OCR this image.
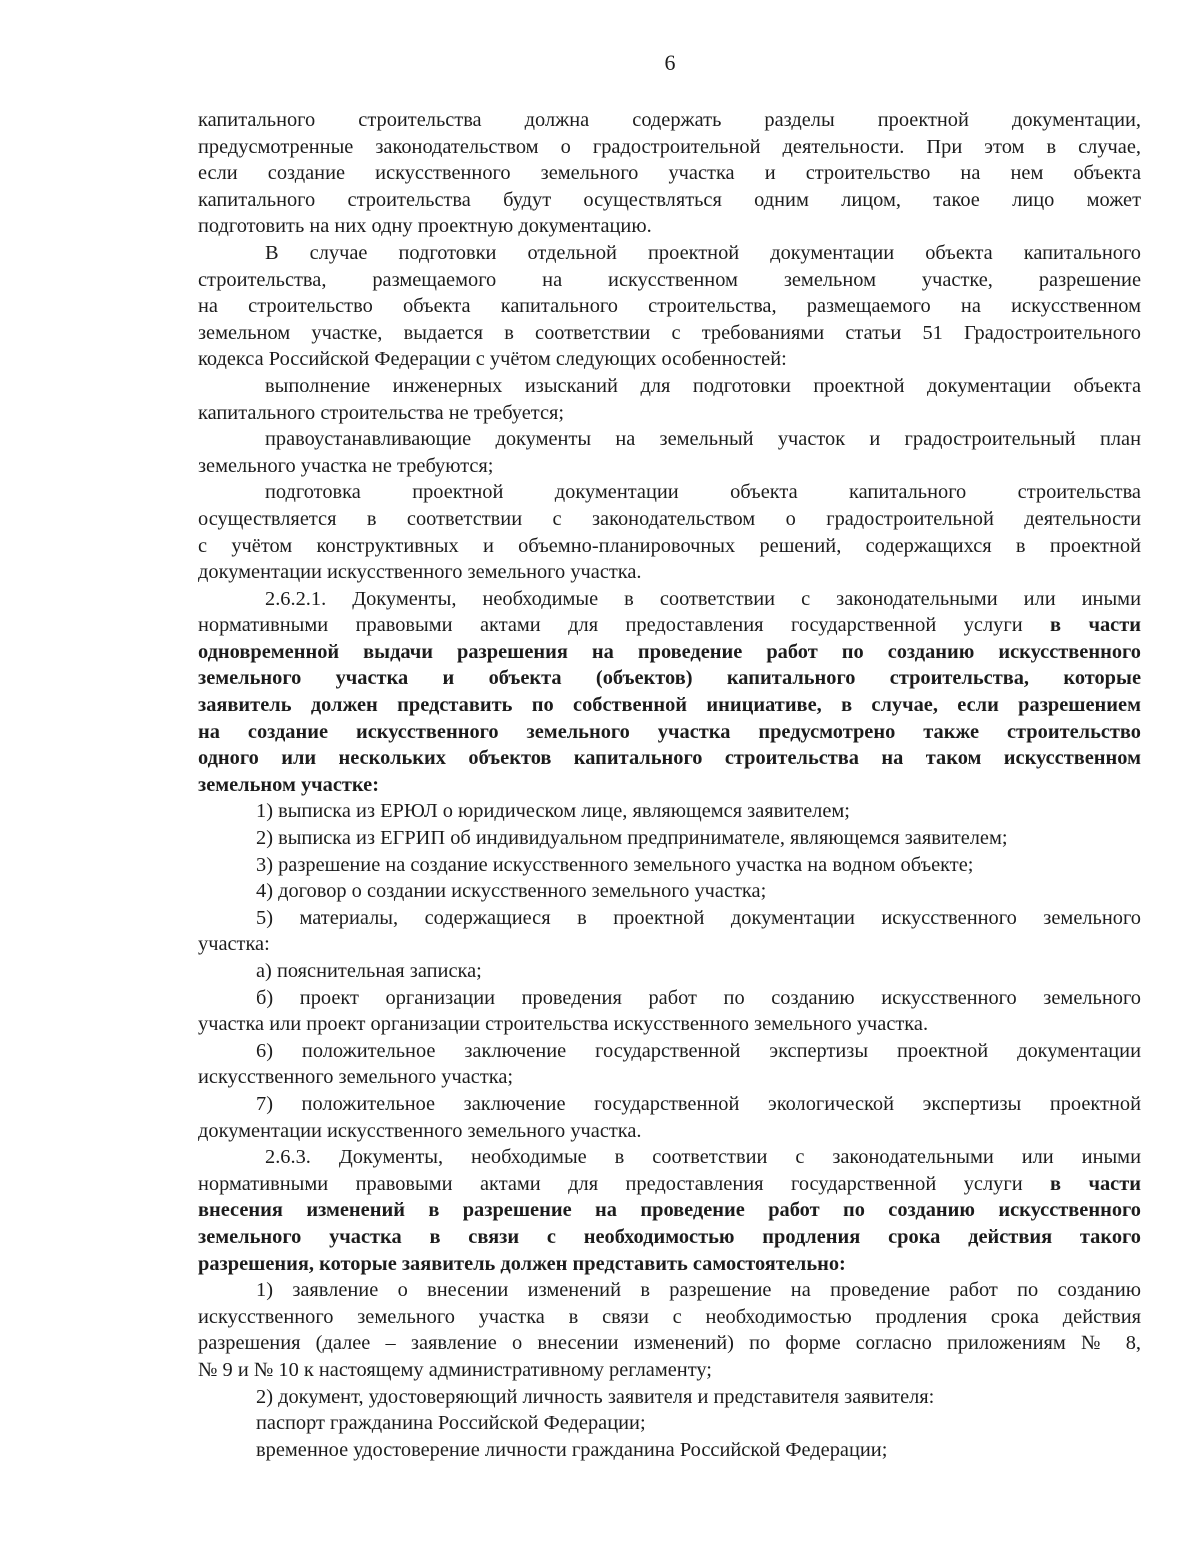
6

капитального строительства должна содержать разделы проектной документации,
предусмотренные законодательством о градостроительной деятельности. При этом в случае,
если создание искусственного земельного участка и строительство на нем объекта
капитального строительства будут осуществляться одним лицом, такое лицо может
подготовить на них одну проектную документацию.

В случае подготовки отдельной проектной документации объекта капитального
строительства, размещаемого на искусственном земельном участке, разрешение
на строительство объекта капитального строительства, размещаемого на искусственном
земельном участке, выдается в соответствии с требованиями статьи 51 Градостроительного
кодекса Российской Федерации с учётом следующих особенностей:

выполнение инженерных изысканий для подготовки проектной документации объекта
капитального строительства не требуется;

правоустанавливающие документы на земельный участок и градостроительный план
земельного участка не требуются;

подготовка проектной документации объекта капитального строительства
осуществляется в соответствии с законодательством о градостроительной деятельности
с учётом конструктивных и объемно-планировочных решений, содержащихся в проектной
документации искусственного земельного участка.

2.6.2.1. Документы, необходимые в соответствии с законодательными или иными
нормативными правовыми актами для предоставления государственной услуги в части
одновременной выдачи разрешения на проведение работ по созданию искусственного
земельного участка и объекта (объектов) капитального строительства, которые
заявитель должен представить по собственной инициативе, в случае, если разрешением
на создание искусственного земельного участка предусмотрено также строительство
одного или нескольких объектов капитального строительства на таком искусственном
земельном участке:

1) выписка из ЕРЮЛ о юридическом лице, являющемся заявителем;

2) выписка из ЕГРИП об индивидуальном предпринимателе, являющемся заявителем;

3) разрешение на создание искусственного земельного участка на водном объекте;

4) договор о создании искусственного земельного участка;

5) материалы, содержащиеся в проектной документации искусственного земельного
участка:

а) пояснительная записка;

б) проект организации проведения работ по созданию искусственного земельного
участка или проект организации строительства искусственного земельного участка.

6) положительное заключение государственной экспертизы проектной документации
искусственного земельного участка;

7) положительное заключение государственной экологической экспертизы проектной
документации искусственного земельного участка.

2.6.3. Документы, необходимые в соответствии с законодательными или иными
нормативными правовыми актами для предоставления государственной услуги в части
внесения изменений в разрешение на проведение работ по созданию искусственного
земельного участка в связи с необходимостью продления срока действия такого
разрешения, которые заявитель должен представить самостоятельно:

1) заявление о внесении изменений в разрешение на проведение работ по созданию
искусственного земельного участка в связи с необходимостью продления срока действия
разрешения (далее – заявление о внесении изменений) по форме согласно приложениям № 8,
№ 9 и № 10 к настоящему административному регламенту;

2) документ, удостоверяющий личность заявителя и представителя заявителя:

паспорт гражданина Российской Федерации;

временное удостоверение личности гражданина Российской Федерации;
